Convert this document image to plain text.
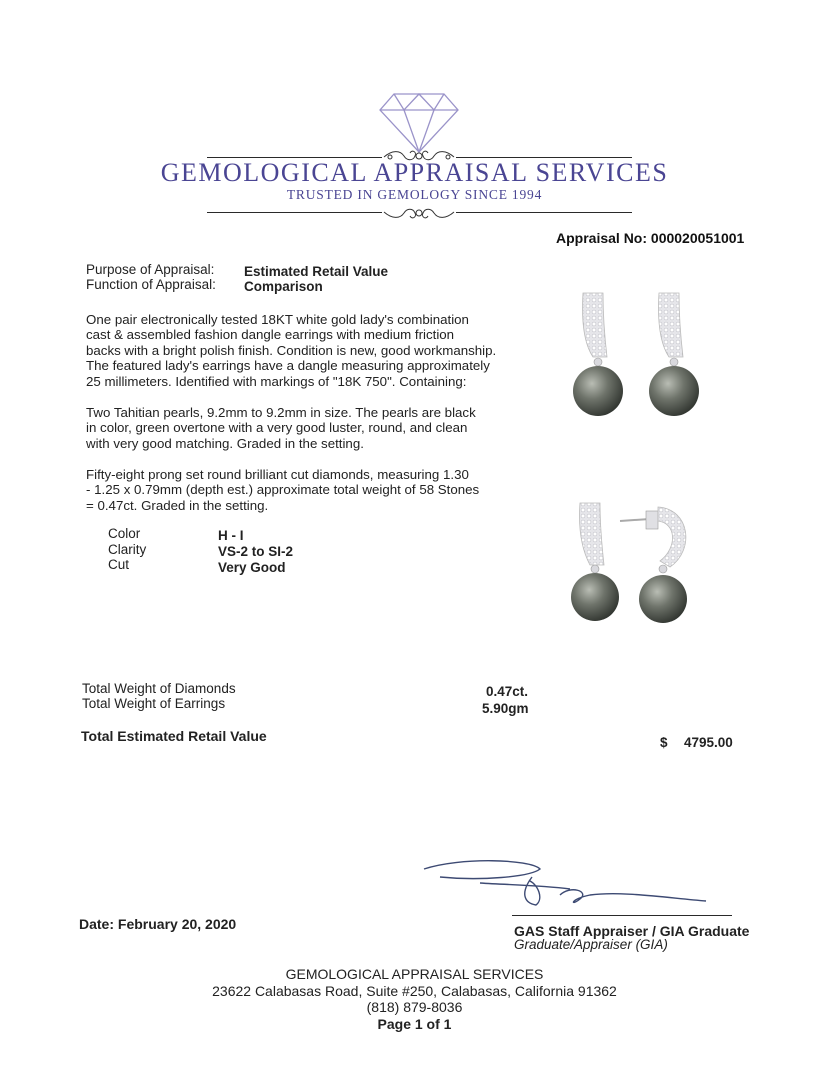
GEMOLOGICAL APPRAISAL SERVICES
TRUSTED IN GEMOLOGY SINCE 1994
Appraisal No: 000020051001
Purpose of Appraisal: Estimated Retail Value
Function of Appraisal: Comparison
One pair electronically tested 18KT white gold lady's combination
cast & assembled fashion dangle earrings with medium friction
backs with a bright polish finish. Condition is new, good workmanship.
The featured lady's earrings have a dangle measuring approximately
25 millimeters. Identified with markings of "18K 750". Containing:
Two Tahitian pearls, 9.2mm to 9.2mm in size. The pearls are black
in color, green overtone with a very good luster, round, and clean
with very good matching. Graded in the setting.
Fifty-eight prong set round brilliant cut diamonds, measuring 1.30
- 1.25 x 0.79mm (depth est.) approximate total weight of 58 Stones
= 0.47ct. Graded in the setting.
Color	H - I
Clarity	VS-2 to SI-2
Cut	Very Good
Total Weight of Diamonds	0.47ct.
Total Weight of Earrings	5.90gm
Total Estimated Retail Value	$ 4795.00
Date: February 20, 2020	GAS Staff Appraiser / GIA Graduate
Graduate/Appraiser (GIA)
GEMOLOGICAL APPRAISAL SERVICES
23622 Calabasas Road, Suite #250, Calabasas, California 91362
(818) 879-8036
Page 1 of 1
